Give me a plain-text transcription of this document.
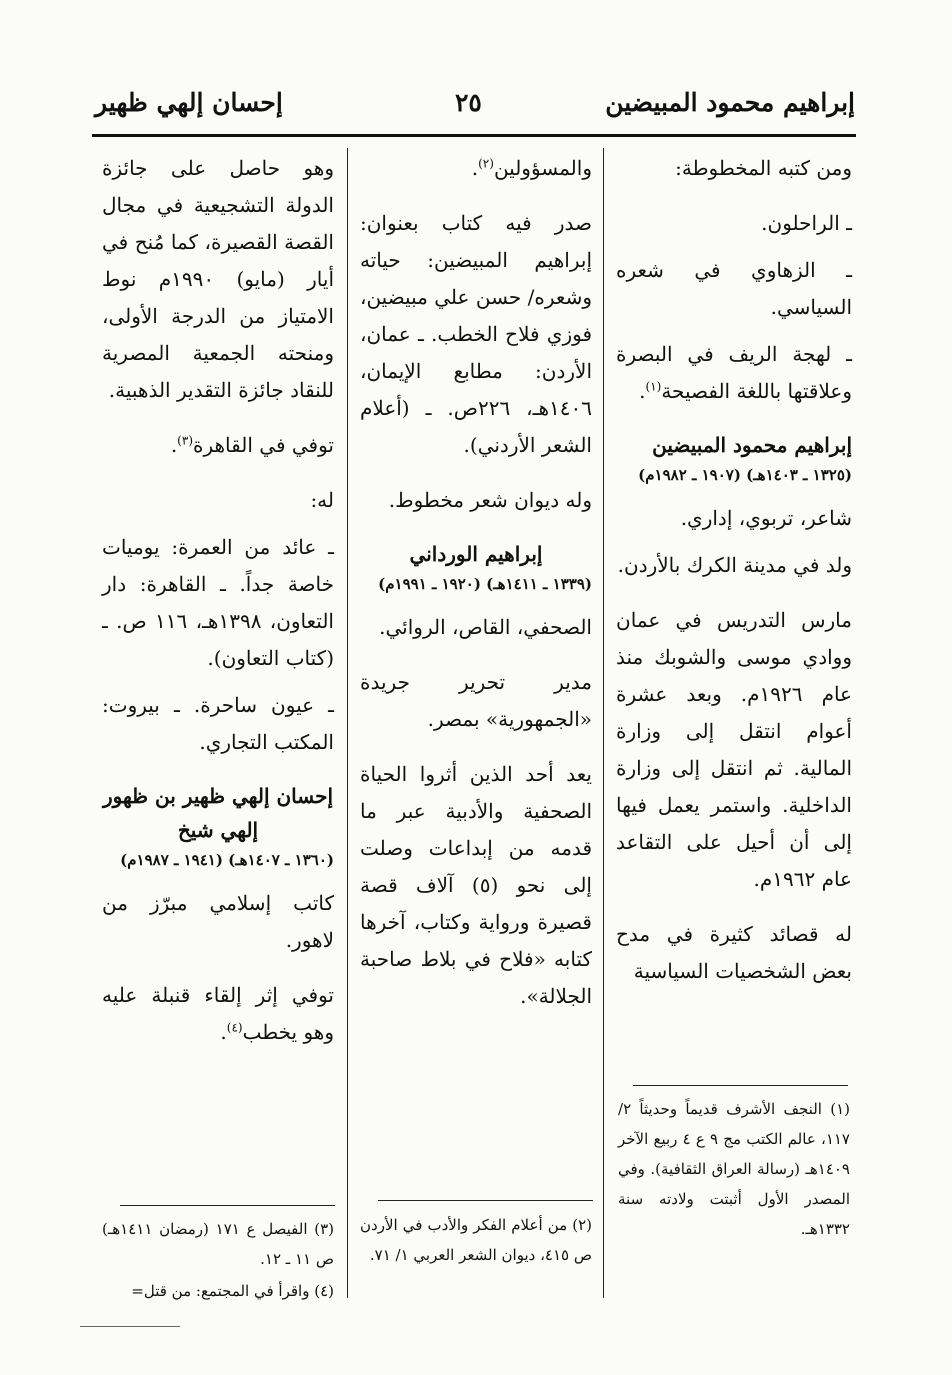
إبراهيم محمود المبيضين
٢٥
إحسان إلهي ظهير

ومن كتبه المخطوطة:

ـ الراحلون.

ـ الزهاوي في شعره السياسي.

ـ لهجة الريف في البصرة وعلاقتها باللغة الفصيحة$^{(١)}$.

إبراهيم محمود المبيضين
(١٣٢٥ ـ ١٤٠٣هـ) (١٩٠٧ ـ ١٩٨٢م)

شاعر، تربوي، إداري.

ولد في مدينة الكرك بالأردن.

مارس التدريس في عمان ووادي موسى والشوبك منذ عام ١٩٢٦م. وبعد عشرة أعوام انتقل إلى وزارة المالية. ثم انتقل إلى وزارة الداخلية. واستمر يعمل فيها إلى أن أحيل على التقاعد عام ١٩٦٢م.

له قصائد كثيرة في مدح بعض الشخصيات السياسية

والمسؤولين$^{(٢)}$.

صدر فيه كتاب بعنوان: إبراهيم المبيضين: حياته وشعره/ حسن علي مبيضين، فوزي فلاح الخطب. ـ عمان، الأردن: مطابع الإيمان، ١٤٠٦هـ، ٢٢٦ص. ـ (أعلام الشعر الأردني).

وله ديوان شعر مخطوط.

إبراهيم الورداني
(١٣٣٩ ـ ١٤١١هـ) (١٩٢٠ ـ ١٩٩١م)

الصحفي، القاص، الروائي.

مدير تحرير جريدة «الجمهورية» بمصر.

يعد أحد الذين أثروا الحياة الصحفية والأدبية عبر ما قدمه من إبداعات وصلت إلى نحو (٥) آلاف قصة قصيرة ورواية وكتاب، آخرها كتابه «فلاح في بلاط صاحبة الجلالة».

وهو حاصل على جائزة الدولة التشجيعية في مجال القصة القصيرة، كما مُنح في أيار (مايو) ١٩٩٠م نوط الامتياز من الدرجة الأولى، ومنحته الجمعية المصرية للنقاد جائزة التقدير الذهبية.

توفي في القاهرة$^{(٣)}$.

له:

ـ عائد من العمرة: يوميات خاصة جداً. ـ القاهرة: دار التعاون، ١٣٩٨هـ، ١١٦ ص. ـ (كتاب التعاون).

ـ عيون ساحرة. ـ بيروت: المكتب التجاري.

إحسان إلهي ظهير بن ظهور إلهي شيخ
(١٣٦٠ ـ ١٤٠٧هـ) (١٩٤١ ـ ١٩٨٧م)

كاتب إسلامي مبرّز من لاهور.

توفي إثر إلقاء قنبلة عليه وهو يخطب$^{(٤)}$.

(١) النجف الأشرف قديماً وحديثاً ٢/ ١١٧، عالم الكتب مج ٩ ع ٤ ربيع الآخر ١٤٠٩هـ (رسالة العراق الثقافية). وفي المصدر الأول أثبتت ولادته سنة ١٣٣٢هـ.
(٢) من أعلام الفكر والأدب في الأردن ص ٤١٥، ديوان الشعر العربي ١/ ٧١.
(٣) الفيصل ع ١٧١ (رمضان ١٤١١هـ) ص ١١ ـ ١٢.
(٤) واقرأ في المجتمع: من قتل=
